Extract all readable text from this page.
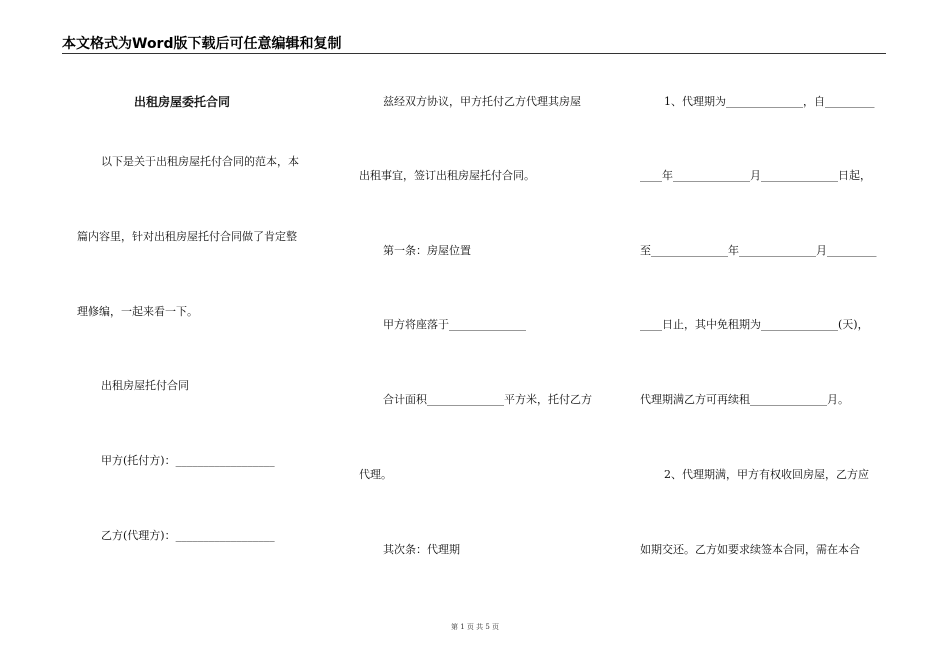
本文格式为Word版下载后可任意编辑和复制
出租房屋委托合同
以下是关于出租房屋托付合同的范本，本
篇内容里，针对出租房屋托付合同做了肯定整
理修编，一起来看一下。
出租房屋托付合同
甲方(托付方)：__________________
乙方(代理方)：__________________
兹经双方协议，甲方托付乙方代理其房屋
出租事宜，签订出租房屋托付合同。
第一条：房屋位置
甲方将座落于______________
合计面积______________平方米，托付乙方
代理。
其次条：代理期
1、代理期为______________，自_________
____年______________月______________日起，
至______________年______________月_________
____日止，其中免租期为______________(天)，
代理期满乙方可再续租______________月。
2、代理期满，甲方有权收回房屋，乙方应
如期交还。乙方如要求续签本合同，需在本合
第 1 页 共 5 页
